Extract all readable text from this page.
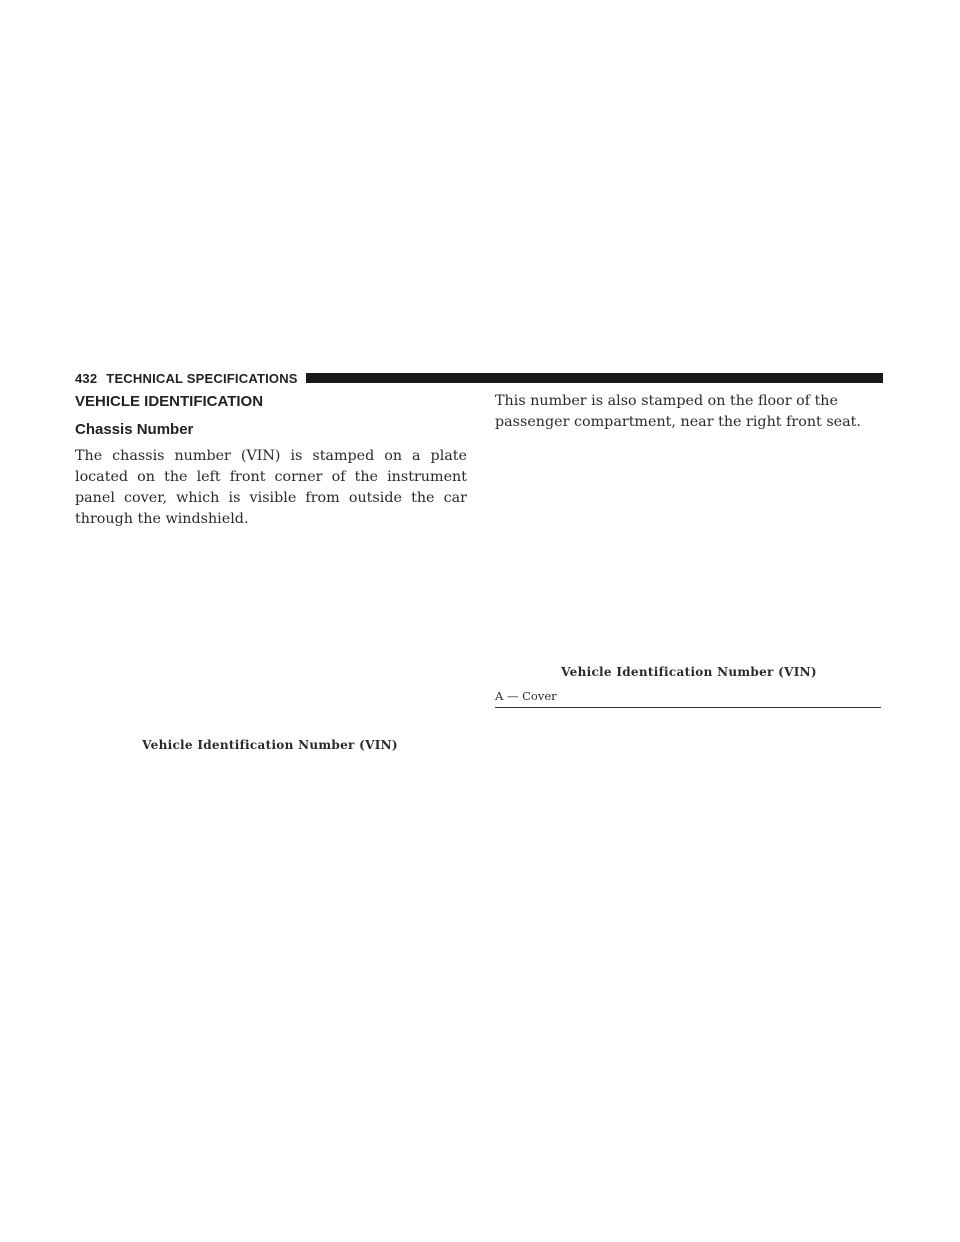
432 TECHNICAL SPECIFICATIONS
VEHICLE IDENTIFICATION
Chassis Number

The chassis number (VIN) is stamped on a plate located on the left front corner of the instrument panel cover, which is visible from outside the car through the windshield.

Vehicle Identification Number (VIN)

This number is also stamped on the floor of the passenger compartment, near the right front seat.

Vehicle Identification Number (VIN)
A — Cover
